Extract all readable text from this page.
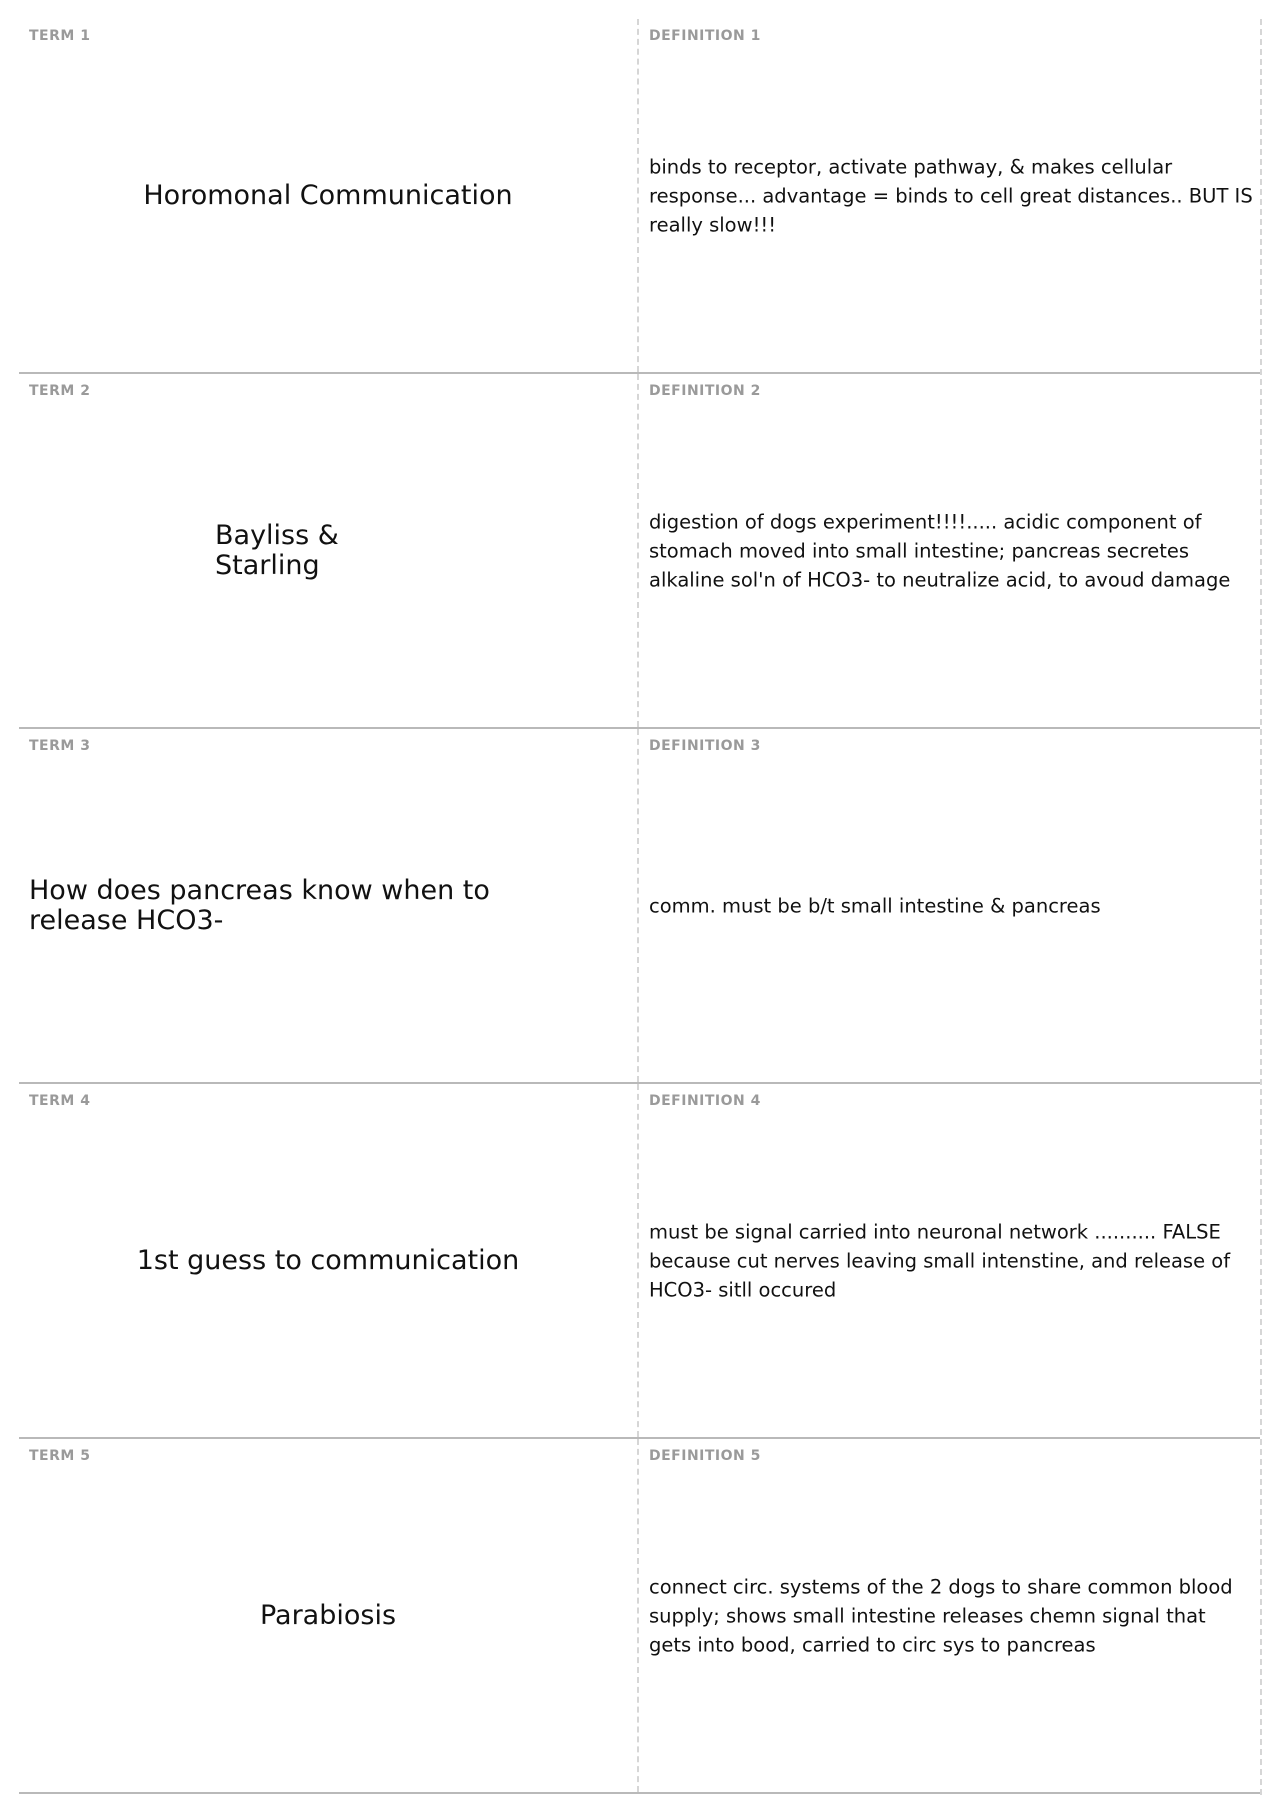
TERM 1
Horomonal Communication
DEFINITION 1
binds to receptor, activate pathway, & makes cellular response... advantage = binds to cell great distances.. BUT IS really slow!!!
TERM 2
Bayliss & Starling
DEFINITION 2
digestion of dogs experiment!!!!..... acidic component of stomach moved into small intestine; pancreas secretes alkaline sol'n of HCO3- to neutralize acid, to avoud damage
TERM 3
How does pancreas know when to release HCO3-
DEFINITION 3
comm. must be b/t small intestine & pancreas
TERM 4
1st guess to communication
DEFINITION 4
must be signal carried into neuronal network .......... FALSE because cut nerves leaving small intenstine, and release of HCO3- sitll occured
TERM 5
Parabiosis
DEFINITION 5
connect circ. systems of the 2 dogs to share common blood supply; shows small intestine releases chemn signal that gets into bood, carried to circ sys to pancreas
